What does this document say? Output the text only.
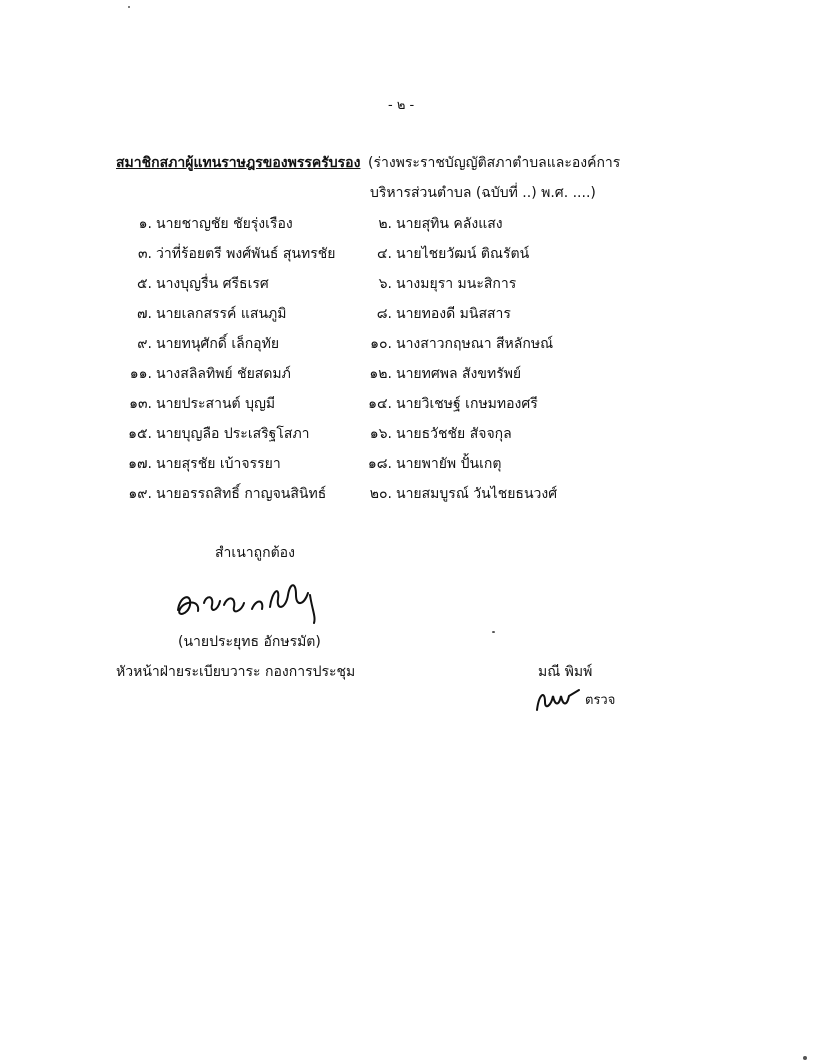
- ๒ -
สมาชิกสภาผู้แทนราษฎรของพรรครับรอง (ร่างพระราชบัญญัติสภาตำบลและองค์การ
บริหารส่วนตำบล (ฉบับที่ ..) พ.ศ. ....)
๑. นายชาญชัย ชัยรุ่งเรือง
๓. ว่าที่ร้อยตรี พงศ์พันธ์ สุนทรชัย
๕. นางบุญรื่น ศรีธเรศ
๗. นายเลกสรรค์ แสนภูมิ
๙. นายทนุศักดิ์ เล็กอุทัย
๑๑. นางสลิลทิพย์ ชัยสดมภ์
๑๓. นายประสานต์ บุญมี
๑๕. นายบุญลือ ประเสริฐโสภา
๑๗. นายสุรชัย เบ้าจรรยา
๑๙. นายอรรถสิทธิ์ กาญจนสินิทธ์
๒. นายสุทิน คลังแสง
๔. นายไชยวัฒน์ ติณรัตน์
๖. นางมยุรา มนะสิการ
๘. นายทองดี มนิสสาร
๑๐. นางสาวกฤษณา สีหลักษณ์
๑๒. นายทศพล สังขทรัพย์
๑๔. นายวิเชษฐ์ เกษมทองศรี
๑๖. นายธวัชชัย สัจจกุล
๑๘. นายพายัพ ปั้นเกตุ
๒๐. นายสมบูรณ์ วันไชยธนวงศ์
สำเนาถูกต้อง
(นายประยุทธ อักษรมัต)
หัวหน้าฝ่ายระเบียบวาระ กองการประชุม	มณี พิมพ์
ตรวจ
